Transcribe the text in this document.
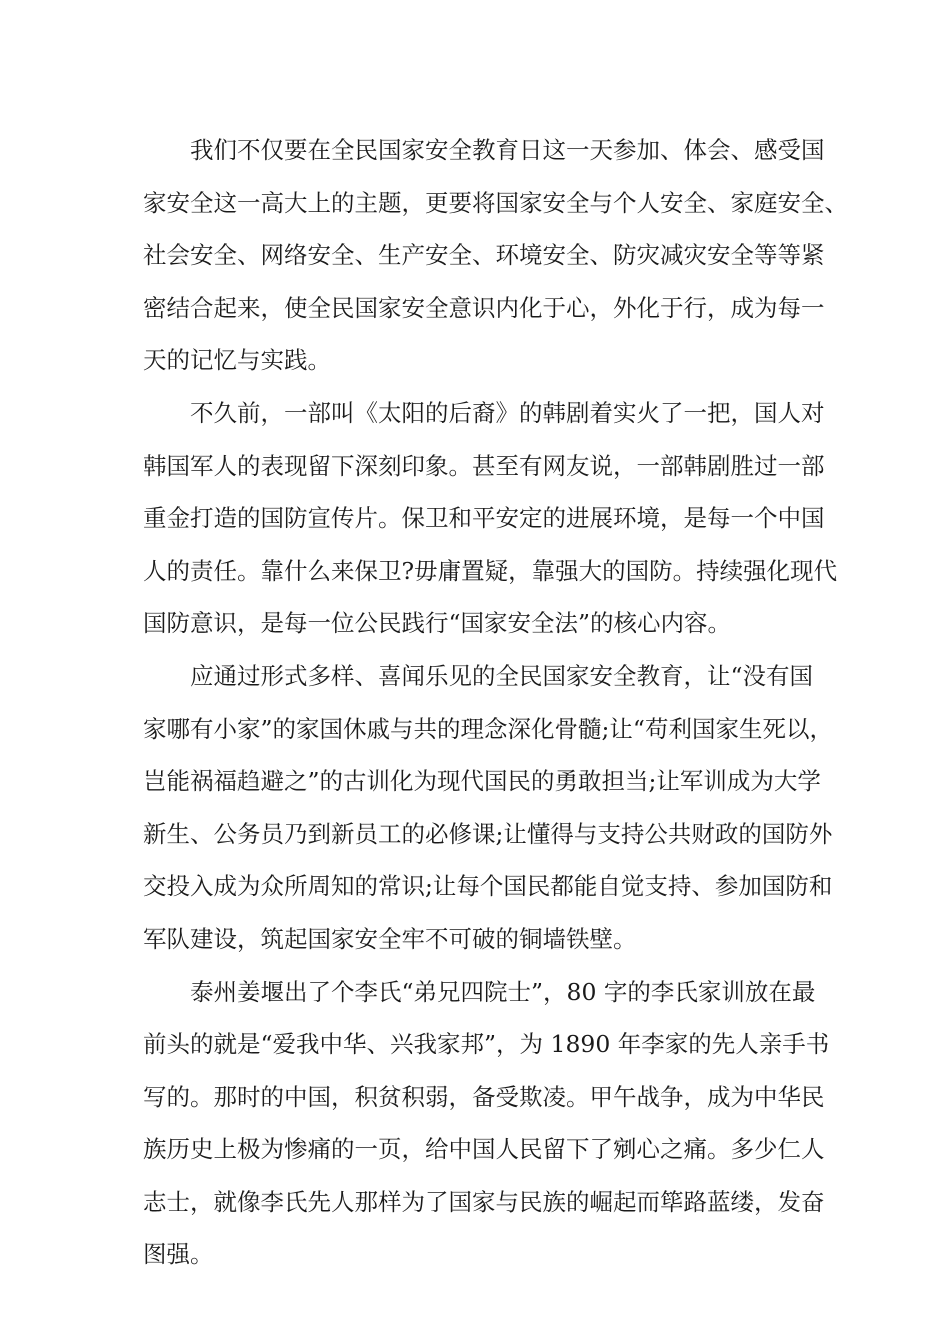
我们不仅要在全民国家安全教育日这一天参加、体会、感受国
家安全这一高大上的主题，更要将国家安全与个人安全、家庭安全、
社会安全、网络安全、生产安全、环境安全、防灾减灾安全等等紧
密结合起来，使全民国家安全意识内化于心，外化于行，成为每一
天的记忆与实践。

不久前，一部叫《太阳的后裔》的韩剧着实火了一把，国人对
韩国军人的表现留下深刻印象。甚至有网友说，一部韩剧胜过一部
重金打造的国防宣传片。保卫和平安定的进展环境，是每一个中国
人的责任。靠什么来保卫?毋庸置疑，靠强大的国防。持续强化现代
国防意识，是每一位公民践行“国家安全法”的核心内容。

应通过形式多样、喜闻乐见的全民国家安全教育，让“没有国
家哪有小家”的家国休戚与共的理念深化骨髓;让“苟利国家生死以，
岂能祸福趋避之”的古训化为现代国民的勇敢担当;让军训成为大学
新生、公务员乃到新员工的必修课;让懂得与支持公共财政的国防外
交投入成为众所周知的常识;让每个国民都能自觉支持、参加国防和
军队建设，筑起国家安全牢不可破的铜墙铁壁。

泰州姜堰出了个李氏“弟兄四院士”，80 字的李氏家训放在最
前头的就是“爱我中华、兴我家邦”，为 1890 年李家的先人亲手书
写的。那时的中国，积贫积弱，备受欺凌。甲午战争，成为中华民
族历史上极为惨痛的一页，给中国人民留下了剜心之痛。多少仁人
志士，就像李氏先人那样为了国家与民族的崛起而筚路蓝缕，发奋
图强。
